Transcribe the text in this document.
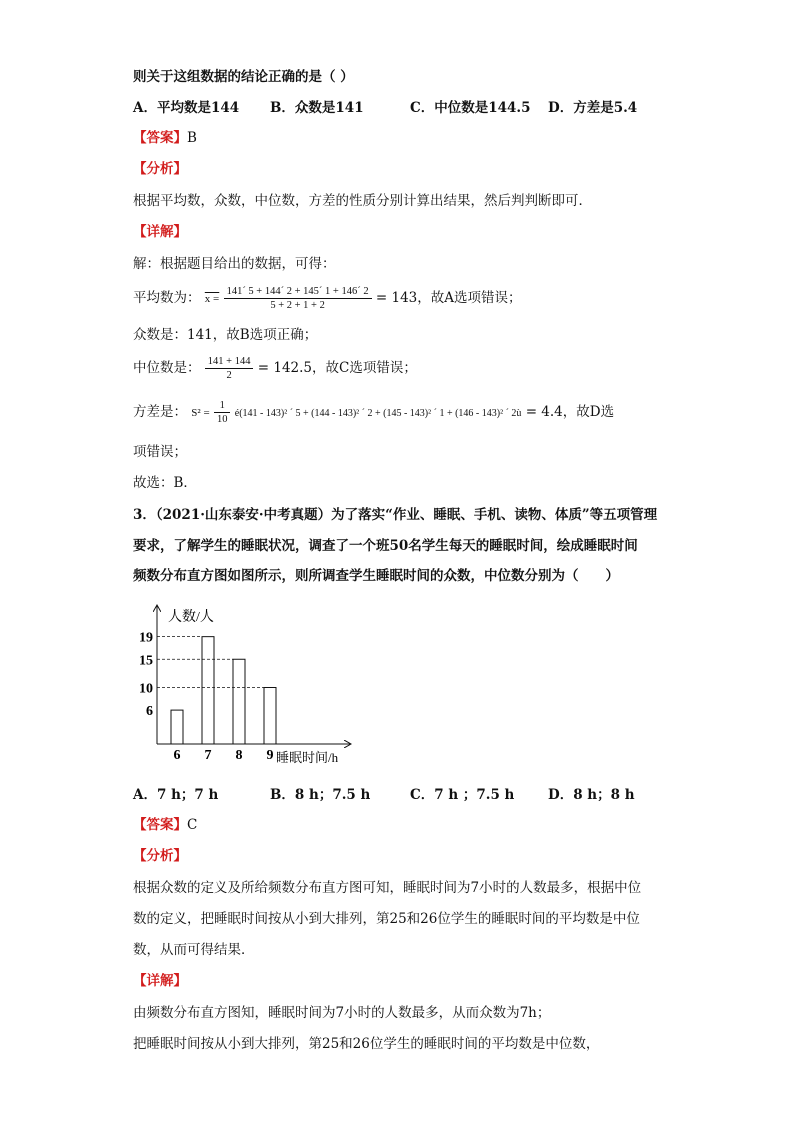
则关于这组数据的结论正确的是（ ）
A．平均数是144 B．众数是141	C．中位数是144.5 D．方差是5.4
【答案】B
【分析】
根据平均数，众数，中位数，方差的性质分别计算出结果，然后判判断即可．
【详解】
解：根据题目给出的数据，可得：
平均数为： $x = \frac{141´ 5 + 144´ 2 + 145´ 1 + 146´ 2}{5 + 2 + 1 + 2} = 143$，故A选项错误；
众数是：141，故B选项正确；
中位数是： $\frac{141 + 144}{2} = 142.5$，故C选项错误；
方差是： $S^2 = \frac{1}{10}$ é(141 - 143)² ´ 5 + (144 - 143)² ´ 2 + (145 - 143)² ´ 1 + (146 - 143)² ´ 2ù = 4.4，故D选
项错误；
故选：B．
3．（2021·山东泰安·中考真题）为了落实“作业、睡眠、手机、读物、体质”等五项管理
要求，了解学生的睡眠状况，调查了一个班50名学生每天的睡眠时间，绘成睡眠时间
频数分布直方图如图所示，则所调查学生睡眠时间的众数，中位数分别为（　　）
人数/人
睡眠时间/h
6 7 8 9
6
10
15
19
A．7 h；7 h	B．8 h；7.5 h	C．7 h ；7.5 h D．8 h；8 h
【答案】C
【分析】
根据众数的定义及所给频数分布直方图可知，睡眠时间为7小时的人数最多，根据中位
数的定义，把睡眠时间按从小到大排列，第25和26位学生的睡眠时间的平均数是中位
数，从而可得结果．
【详解】
由频数分布直方图知，睡眠时间为7小时的人数最多，从而众数为7h；
把睡眠时间按从小到大排列，第25和26位学生的睡眠时间的平均数是中位数，
